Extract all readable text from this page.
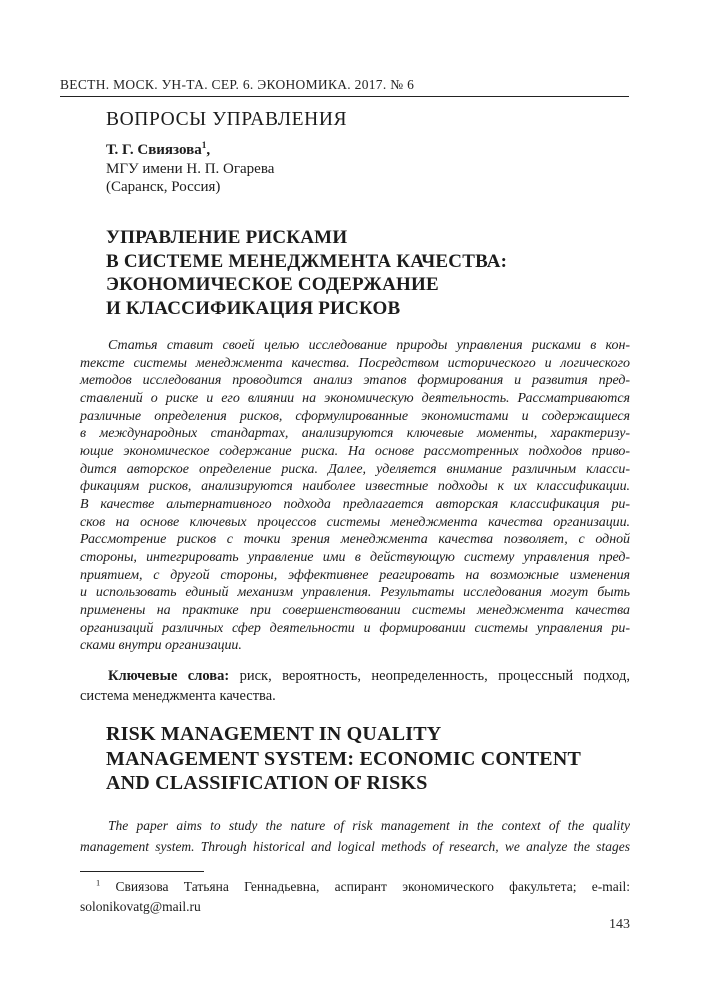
ВЕСТН. МОСК. УН-ТА. СЕР. 6. ЭКОНОМИКА. 2017. № 6
ВОПРОСЫ УПРАВЛЕНИЯ
Т. Г. Свиязова$^1$,
МГУ имени Н. П. Огарева
(Саранск, Россия)
УПРАВЛЕНИЕ РИСКАМИ
В СИСТЕМЕ МЕНЕДЖМЕНТА КАЧЕСТВА:
ЭКОНОМИЧЕСКОЕ СОДЕРЖАНИЕ
И КЛАССИФИКАЦИЯ РИСКОВ
Статья ставит своей целью исследование природы управления рисками в кон-
тексте системы менеджмента качества. Посредством исторического и логического
методов исследования проводится анализ этапов формирования и развития пред-
ставлений о риске и его влиянии на экономическую деятельность. Рассматриваются
различные определения рисков, сформулированные экономистами и содержащиеся
в международных стандартах, анализируются ключевые моменты, характеризу-
ющие экономическое содержание риска. На основе рассмотренных подходов приво-
дится авторское определение риска. Далее, уделяется внимание различным класси-
фикациям рисков, анализируются наиболее известные подходы к их классификации.
В качестве альтернативного подхода предлагается авторская классификация ри-
сков на основе ключевых процессов системы менеджмента качества организации.
Рассмотрение рисков с точки зрения менеджмента качества позволяет, с одной
стороны, интегрировать управление ими в действующую систему управления пред-
приятием, с другой стороны, эффективнее реагировать на возможные изменения
и использовать единый механизм управления. Результаты исследования могут быть
применены на практике при совершенствовании системы менеджмента качества
организаций различных сфер деятельности и формировании системы управления ри-
сками внутри организации.
Ключевые слова: риск, вероятность, неопределенность, процессный подход,
система менеджмента качества.
RISK MANAGEMENT IN QUALITY
MANAGEMENT SYSTEM: ECONOMIC CONTENT
AND CLASSIFICATION OF RISKS
The paper aims to study the nature of risk management in the context of the quality
management system. Through historical and logical methods of research, we analyze the stages
$^1$ Свиязова Татьяна Геннадьевна, аспирант экономического факультета; e-mail:
solonikovatg@mail.ru
143
